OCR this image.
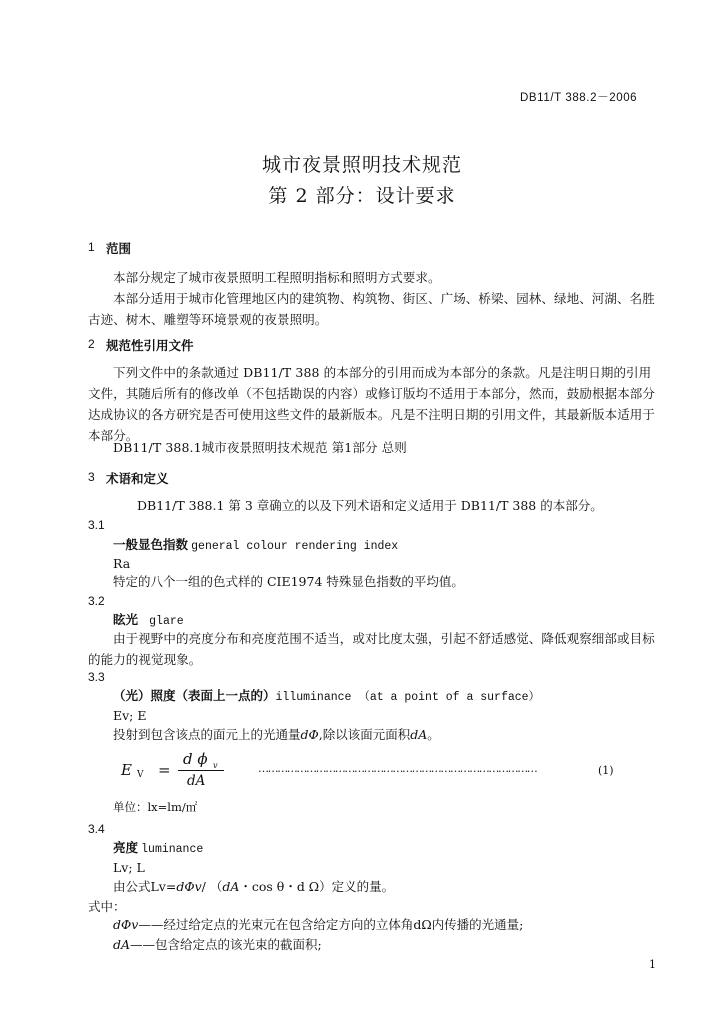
DB11/T 388.2－2006
城市夜景照明技术规范
第 2 部分：设计要求
1 范围
本部分规定了城市夜景照明工程照明指标和照明方式要求。
本部分适用于城市化管理地区内的建筑物、构筑物、街区、广场、桥梁、园林、绿地、河湖、名胜古迹、树木、雕塑等环境景观的夜景照明。
2 规范性引用文件
下列文件中的条款通过 DB11/T 388 的本部分的引用而成为本部分的条款。凡是注明日期的引用文件，其随后所有的修改单（不包括勘误的内容）或修订版均不适用于本部分，然而，鼓励根据本部分达成协议的各方研究是否可使用这些文件的最新版本。凡是不注明日期的引用文件，其最新版本适用于本部分。
DB11/T 388.1城市夜景照明技术规范 第1部分 总则
3 术语和定义
DB11/T 388.1 第 3 章确立的以及下列术语和定义适用于 DB11/T 388 的本部分。
3.1
一般显色指数 general colour rendering index
Ra
特定的八个一组的色式样的 CIE1974 特殊显色指数的平均值。
3.2
眩光 glare
由于视野中的亮度分布和亮度范围不适当，或对比度太强，引起不舒适感觉、降低观察细部或目标的能力的视觉现象。
3.3
（光）照度（表面上一点的）illuminance （at a point of a surface）
Ev; E
投射到包含该点的面元上的光通量dΦ,除以该面元面积dA。
E V =
d ϕ v
dA
……………………………………………………………………………	(1)
单位：lx=lm/㎡
3.4
亮度 luminance
Lv; L
由公式Lv=dΦv/ （dA・cos θ・d Ω）定义的量。
式中：
dΦv——经过给定点的光束元在包含给定方向的立体角dΩ内传播的光通量;
dA——包含给定点的该光束的截面积;
1
